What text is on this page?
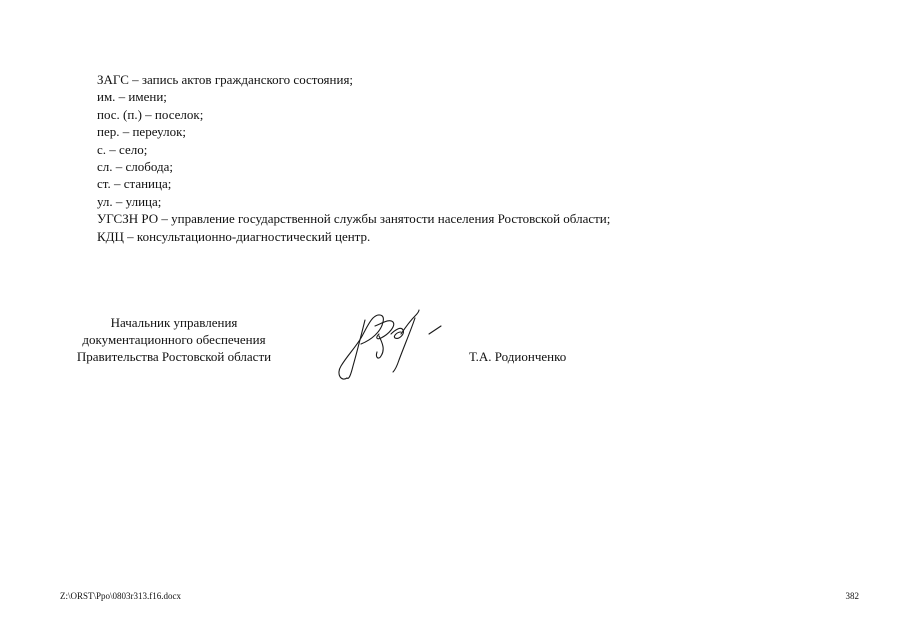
ЗАГС – запись актов гражданского состояния;
им. – имени;
пос. (п.) – поселок;
пер. – переулок;
с. – село;
сл. – слобода;
ст. – станица;
ул. – улица;
УГСЗН РО – управление государственной службы занятости населения Ростовской области;
КДЦ – консультационно-диагностический центр.
Начальник управления
документационного обеспечения
Правительства Ростовской области	Т.А. Родионченко
Z:\ORST\Ppo\0803r313.f16.docx	382
